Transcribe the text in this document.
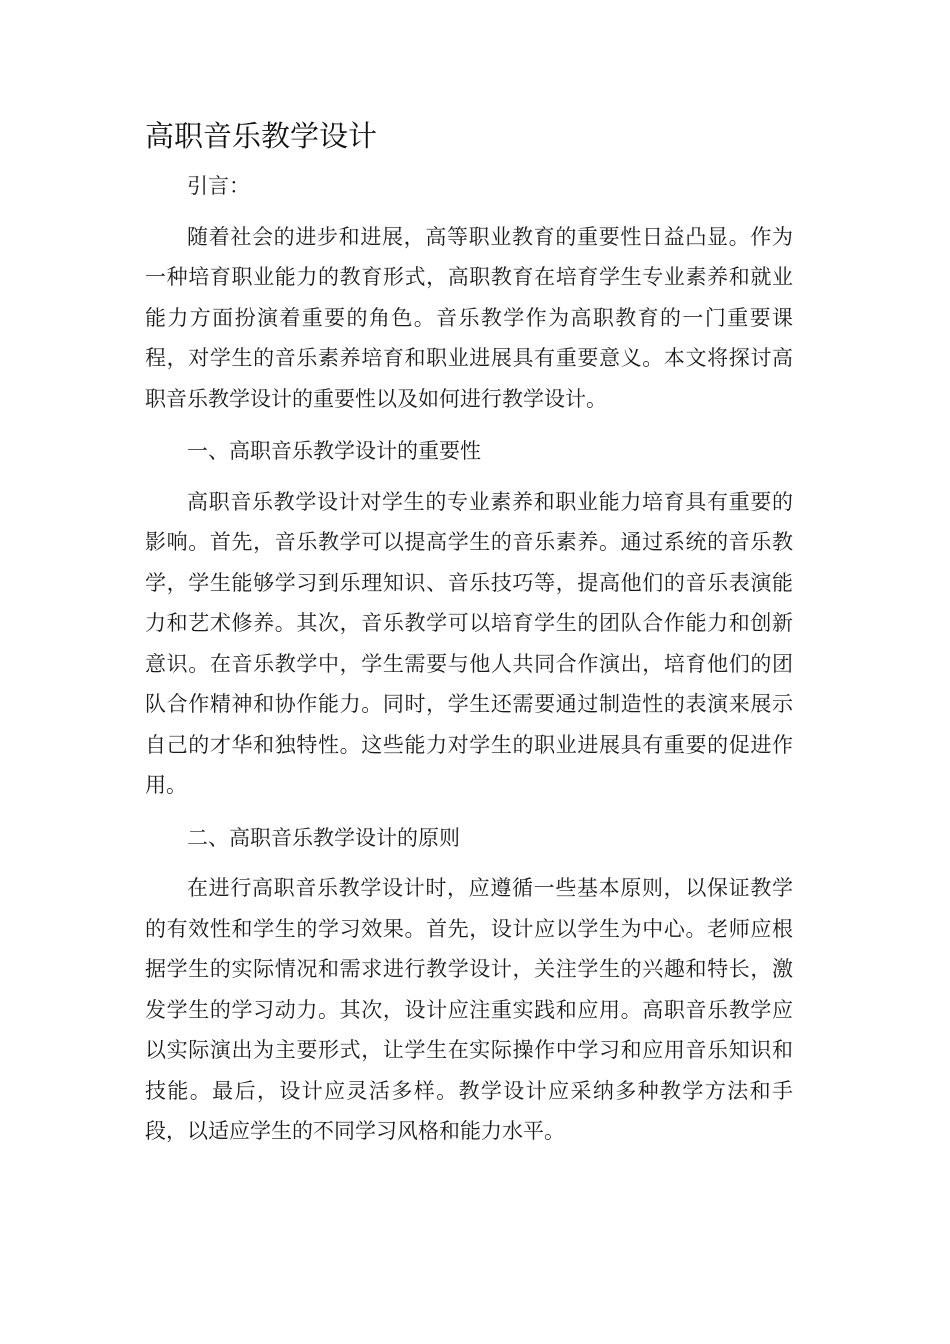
高职音乐教学设计

引言：

随着社会的进步和进展，高等职业教育的重要性日益凸显。作为一种培育职业能力的教育形式，高职教育在培育学生专业素养和就业能力方面扮演着重要的角色。音乐教学作为高职教育的一门重要课程，对学生的音乐素养培育和职业进展具有重要意义。本文将探讨高职音乐教学设计的重要性以及如何进行教学设计。

一、高职音乐教学设计的重要性

高职音乐教学设计对学生的专业素养和职业能力培育具有重要的影响。首先，音乐教学可以提高学生的音乐素养。通过系统的音乐教学，学生能够学习到乐理知识、音乐技巧等，提高他们的音乐表演能力和艺术修养。其次，音乐教学可以培育学生的团队合作能力和创新意识。在音乐教学中，学生需要与他人共同合作演出，培育他们的团队合作精神和协作能力。同时，学生还需要通过制造性的表演来展示自己的才华和独特性。这些能力对学生的职业进展具有重要的促进作用。

二、高职音乐教学设计的原则

在进行高职音乐教学设计时，应遵循一些基本原则，以保证教学的有效性和学生的学习效果。首先，设计应以学生为中心。老师应根据学生的实际情况和需求进行教学设计，关注学生的兴趣和特长，激发学生的学习动力。其次，设计应注重实践和应用。高职音乐教学应以实际演出为主要形式，让学生在实际操作中学习和应用音乐知识和技能。最后，设计应灵活多样。教学设计应采纳多种教学方法和手段，以适应学生的不同学习风格和能力水平。
